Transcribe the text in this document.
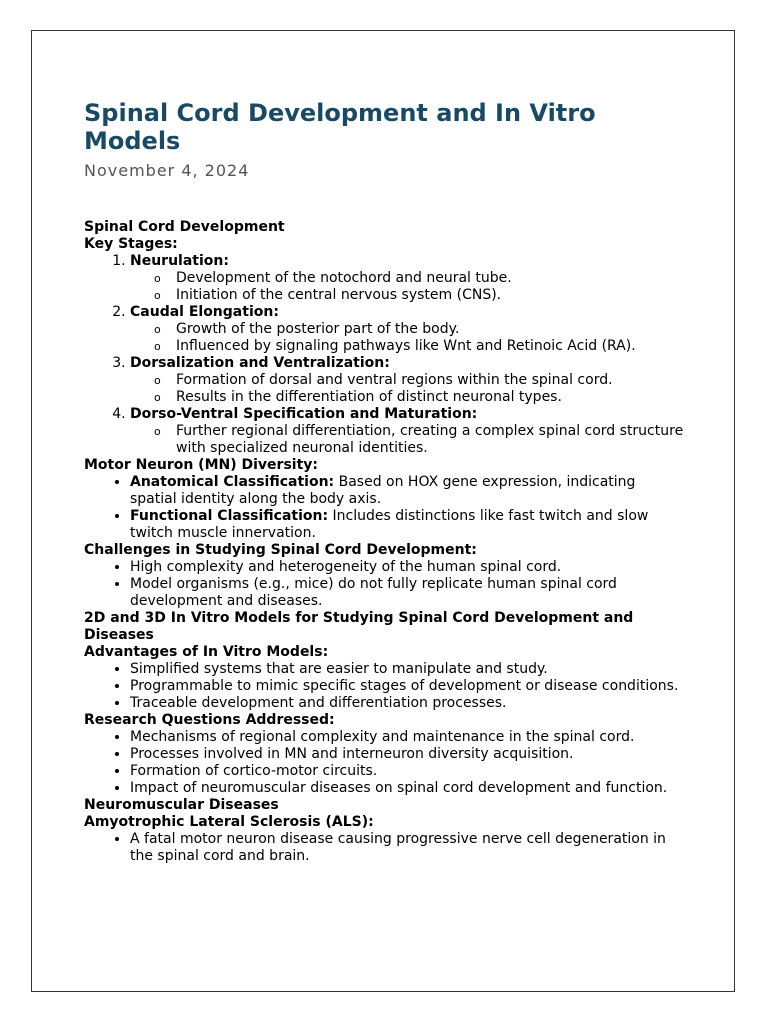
Spinal Cord Development and In Vitro Models
November 4, 2024
Spinal Cord Development
Key Stages:
1. Neurulation:
o Development of the notochord and neural tube.
o Initiation of the central nervous system (CNS).
2. Caudal Elongation:
o Growth of the posterior part of the body.
o Influenced by signaling pathways like Wnt and Retinoic Acid (RA).
3. Dorsalization and Ventralization:
o Formation of dorsal and ventral regions within the spinal cord.
o Results in the differentiation of distinct neuronal types.
4. Dorso-Ventral Specification and Maturation:
o Further regional differentiation, creating a complex spinal cord structure with specialized neuronal identities.
Motor Neuron (MN) Diversity:
• Anatomical Classification: Based on HOX gene expression, indicating spatial identity along the body axis.
• Functional Classification: Includes distinctions like fast twitch and slow twitch muscle innervation.
Challenges in Studying Spinal Cord Development:
• High complexity and heterogeneity of the human spinal cord.
• Model organisms (e.g., mice) do not fully replicate human spinal cord development and diseases.
2D and 3D In Vitro Models for Studying Spinal Cord Development and Diseases
Advantages of In Vitro Models:
• Simplified systems that are easier to manipulate and study.
• Programmable to mimic specific stages of development or disease conditions.
• Traceable development and differentiation processes.
Research Questions Addressed:
• Mechanisms of regional complexity and maintenance in the spinal cord.
• Processes involved in MN and interneuron diversity acquisition.
• Formation of cortico-motor circuits.
• Impact of neuromuscular diseases on spinal cord development and function.
Neuromuscular Diseases
Amyotrophic Lateral Sclerosis (ALS):
• A fatal motor neuron disease causing progressive nerve cell degeneration in the spinal cord and brain.
